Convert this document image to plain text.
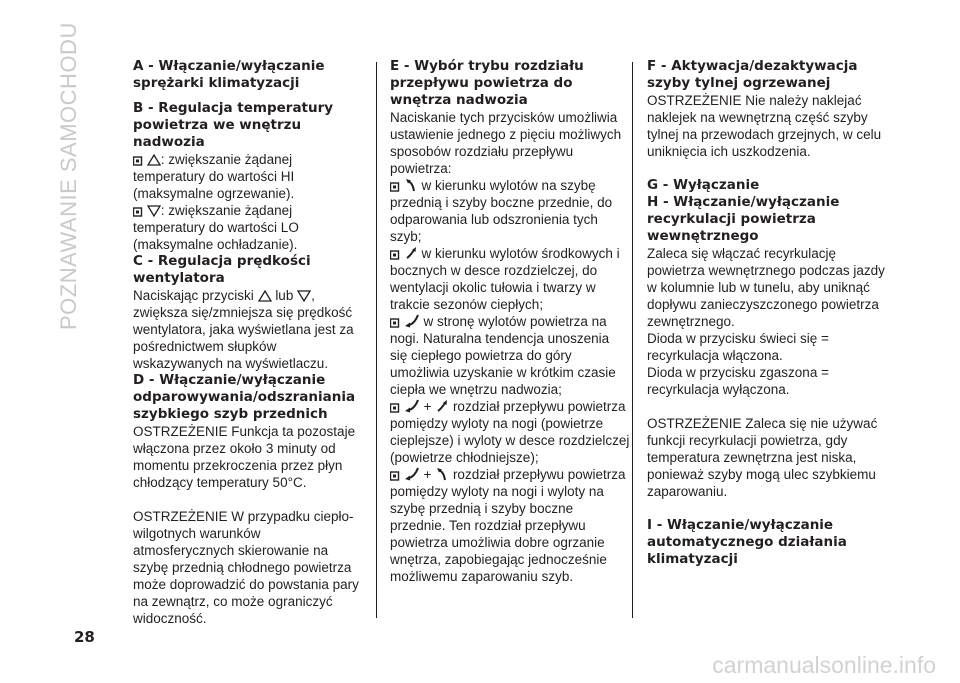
POZNAWANIE SAMOCHODU
28
A - Włączanie/wyłączanie sprężarki klimatyzacji
B - Regulacja temperatury powietrza we wnętrzu nadwozia

: zwiększanie żądanej temperatury do wartości HI (maksymalne ogrzewanie).

: zwiększanie żądanej temperatury do wartości LO (maksymalne ochładzanie).

C - Regulacja prędkości wentylatora

Naciskając przyciski lub , zwiększa się/zmniejsza się prędkość wentylatora, jaka wyświetlana jest za pośrednictwem słupków wskazywanych na wyświetlaczu.

D - Włączanie/wyłączanie odparowywania/odszraniania szybkiego szyb przednich

OSTRZEŻENIE Funkcja ta pozostaje włączona przez około 3 minuty od momentu przekroczenia przez płyn chłodzący temperatury 50°C.

OSTRZEŻENIE W przypadku ciepło-wilgotnych warunków atmosferycznych skierowanie na szybę przednią chłodnego powietrza może doprowadzić do powstania pary na zewnątrz, co może ograniczyć widoczność.

E - Wybór trybu rozdziału przepływu powietrza do wnętrza nadwozia

Naciskanie tych przycisków umożliwia ustawienie jednego z pięciu możliwych sposobów rozdziału przepływu powietrza:

w kierunku wylotów na szybę przednią i szyby boczne przednie, do odparowania lub odszronienia tych szyb;

w kierunku wylotów środkowych i bocznych w desce rozdzielczej, do wentylacji okolic tułowia i twarzy w trakcie sezonów ciepłych;

w stronę wylotów powietrza na nogi. Naturalna tendencja unoszenia się ciepłego powietrza do góry umożliwia uzyskanie w krótkim czasie ciepła we wnętrzu nadwozia;

+  rozdział przepływu powietrza pomiędzy wyloty na nogi (powietrze cieplejsze) i wyloty w desce rozdzielczej (powietrze chłodniejsze);

+  rozdział przepływu powietrza pomiędzy wyloty na nogi i wyloty na szybę przednią i szyby boczne przednie. Ten rozdział przepływu powietrza umożliwia dobre ogrzanie wnętrza, zapobiegając jednocześnie możliwemu zaparowaniu szyb.

F - Aktywacja/dezaktywacja szyby tylnej ogrzewanej

OSTRZEŻENIE Nie należy naklejać naklejek na wewnętrzną część szyby tylnej na przewodach grzejnych, w celu uniknięcia ich uszkodzenia.

G - Wyłączanie
H - Włączanie/wyłączanie recyrkulacji powietrza wewnętrznego

Zaleca się włączać recyrkulację powietrza wewnętrznego podczas jazdy w kolumnie lub w tunelu, aby uniknąć dopływu zanieczyszczonego powietrza zewnętrznego.

Dioda w przycisku świeci się = recyrkulacja włączona.

Dioda w przycisku zgaszona = recyrkulacja wyłączona.

OSTRZEŻENIE Zaleca się nie używać funkcji recyrkulacji powietrza, gdy temperatura zewnętrzna jest niska, ponieważ szyby mogą ulec szybkiemu zaparowaniu.

I - Włączanie/wyłączanie automatycznego działania klimatyzacji
carmanualsonline.info
